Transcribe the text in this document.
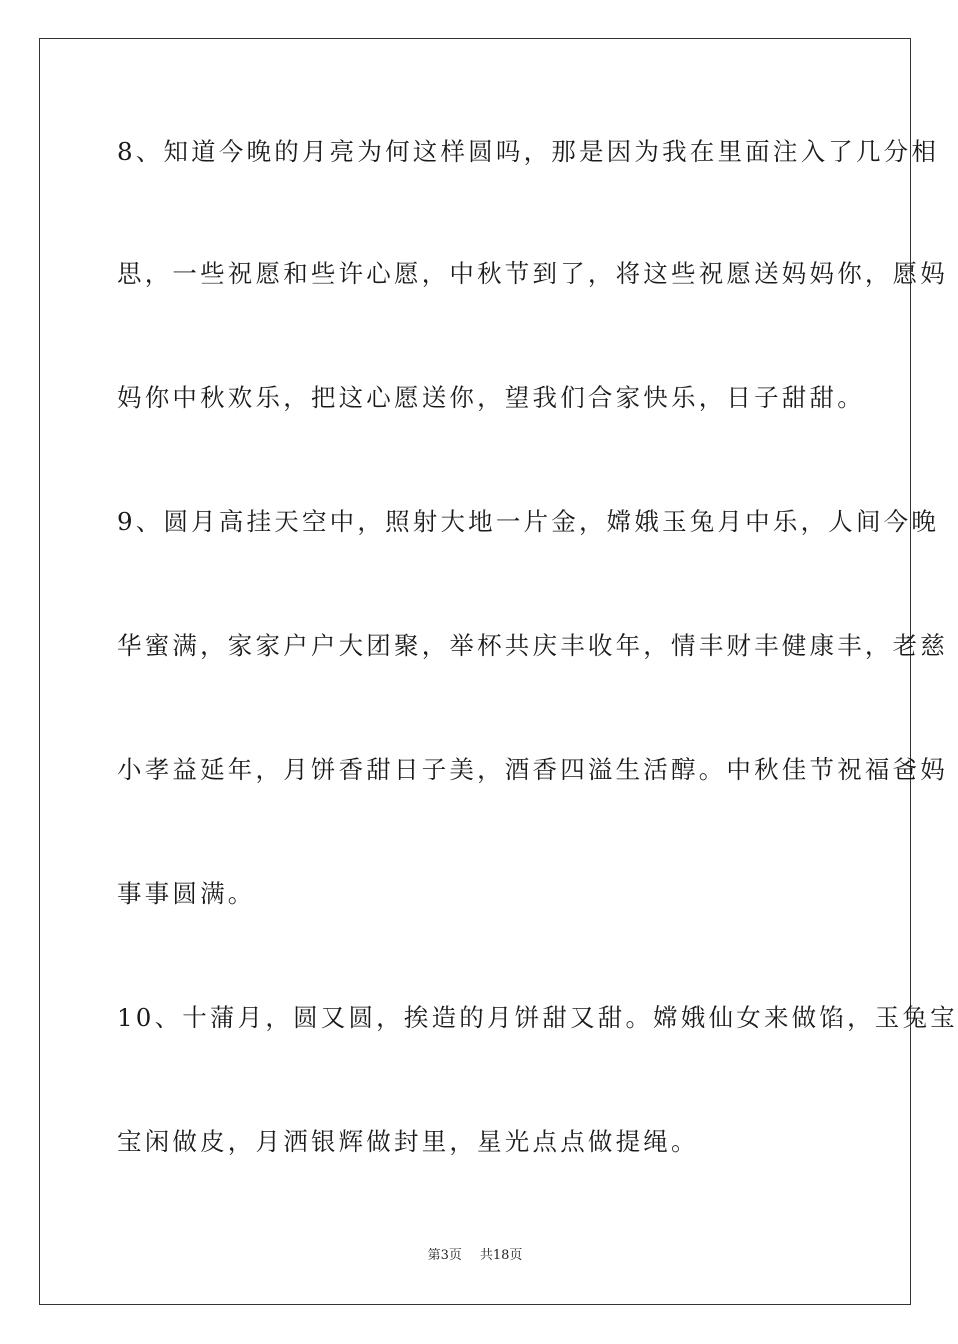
8、知道今晚的月亮为何这样圆吗，那是因为我在里面注入了几分相
思，一些祝愿和些许心愿，中秋节到了，将这些祝愿送妈妈你，愿妈
妈你中秋欢乐，把这心愿送你，望我们合家快乐，日子甜甜。
9、圆月高挂天空中，照射大地一片金，嫦娥玉兔月中乐，人间今晚
华蜜满，家家户户大团聚，举杯共庆丰收年，情丰财丰健康丰，老慈
小孝益延年，月饼香甜日子美，酒香四溢生活醇。中秋佳节祝福爸妈
事事圆满。
10、十蒲月，圆又圆，挨造的月饼甜又甜。嫦娥仙女来做馅，玉兔宝
宝闲做皮，月洒银辉做封里，星光点点做提绳。
第3页 共18页
